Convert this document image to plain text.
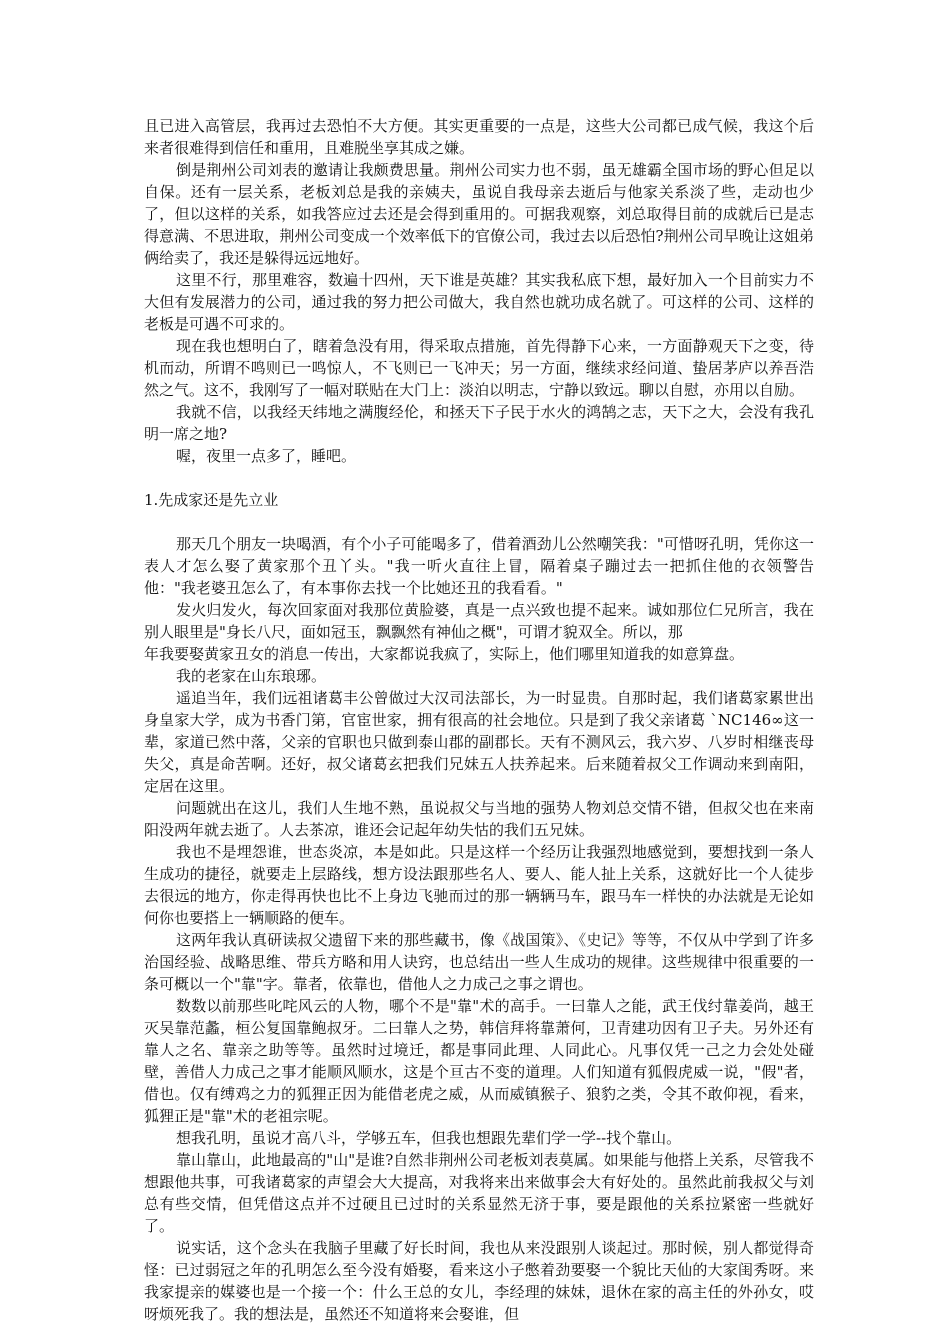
且已进入高管层，我再过去恐怕不大方便。其实更重要的一点是，这些大公司都已成气候，我这个后来者很难得到信任和重用，且难脱坐享其成之嫌。

倒是荆州公司刘表的邀请让我颇费思量。荆州公司实力也不弱，虽无雄霸全国市场的野心但足以自保。还有一层关系，老板刘总是我的亲姨夫，虽说自我母亲去逝后与他家关系淡了些，走动也少了，但以这样的关系，如我答应过去还是会得到重用的。可据我观察，刘总取得目前的成就后已是志得意满、不思进取，荆州公司变成一个效率低下的官僚公司，我过去以后恐怕?荆州公司早晚让这姐弟俩给卖了，我还是躲得远远地好。

这里不行，那里难容，数遍十四州，天下谁是英雄？其实我私底下想，最好加入一个目前实力不大但有发展潜力的公司，通过我的努力把公司做大，我自然也就功成名就了。可这样的公司、这样的老板是可遇不可求的。

现在我也想明白了，瞎着急没有用，得采取点措施，首先得静下心来，一方面静观天下之变，待机而动，所谓不鸣则已一鸣惊人，不飞则已一飞冲天；另一方面，继续求经问道、蛰居茅庐以养吾浩然之气。这不，我刚写了一幅对联贴在大门上：淡泊以明志，宁静以致远。聊以自慰，亦用以自励。

我就不信，以我经天纬地之满腹经伦，和拯天下子民于水火的鸿鹄之志，天下之大，会没有我孔明一席之地?

喔，夜里一点多了，睡吧。

1.先成家还是先立业

那天几个朋友一块喝酒，有个小子可能喝多了，借着酒劲儿公然嘲笑我："可惜呀孔明，凭你这一表人才怎么娶了黄家那个丑丫头。"我一听火直往上冒，隔着桌子蹦过去一把抓住他的衣领警告他："我老婆丑怎么了，有本事你去找一个比她还丑的我看看。"

发火归发火，每次回家面对我那位黄脸婆，真是一点兴致也提不起来。诚如那位仁兄所言，我在别人眼里是"身长八尺，面如冠玉，飘飘然有神仙之概"，可谓才貌双全。所以，那

年我要娶黄家丑女的消息一传出，大家都说我疯了，实际上，他们哪里知道我的如意算盘。

我的老家在山东琅琊。

遥追当年，我们远祖诸葛丰公曾做过大汉司法部长，为一时显贵。自那时起，我们诸葛家累世出身皇家大学，成为书香门第，官宦世家，拥有很高的社会地位。只是到了我父亲诸葛 `NC146∞这一辈，家道已然中落，父亲的官职也只做到泰山郡的副郡长。天有不测风云，我六岁、八岁时相继丧母失父，真是命苦啊。还好，叔父诸葛玄把我们兄妹五人扶养起来。后来随着叔父工作调动来到南阳，定居在这里。

问题就出在这儿，我们人生地不熟，虽说叔父与当地的强势人物刘总交情不错，但叔父也在来南阳没两年就去逝了。人去茶凉，谁还会记起年幼失怙的我们五兄妹。

我也不是埋怨谁，世态炎凉，本是如此。只是这样一个经历让我强烈地感觉到，要想找到一条人生成功的捷径，就要走上层路线，想方设法跟那些名人、要人、能人扯上关系，这就好比一个人徒步去很远的地方，你走得再快也比不上身边飞驰而过的那一辆辆马车，跟马车一样快的办法就是无论如何你也要搭上一辆顺路的便车。

这两年我认真研读叔父遗留下来的那些藏书，像《战国策》、《史记》等等，不仅从中学到了许多治国经验、战略思维、带兵方略和用人诀窍，也总结出一些人生成功的规律。这些规律中很重要的一条可概以一个"靠"字。靠者，依靠也，借他人之力成己之事之谓也。

数数以前那些叱咤风云的人物，哪个不是"靠"术的高手。一曰靠人之能，武王伐纣靠姜尚，越王灭吴靠范蠡，桓公复国靠鲍叔牙。二曰靠人之势，韩信拜将靠萧何，卫青建功因有卫子夫。另外还有靠人之名、靠亲之助等等。虽然时过境迁，都是事同此理、人同此心。凡事仅凭一己之力会处处碰壁，善借人力成己之事才能顺风顺水，这是个亘古不变的道理。人们知道有狐假虎威一说，"假"者，借也。仅有缚鸡之力的狐狸正因为能借老虎之威，从而威镇猴子、狼豹之类，令其不敢仰视，看来，狐狸正是"靠"术的老祖宗呢。

想我孔明，虽说才高八斗，学够五车，但我也想跟先辈们学一学--找个靠山。

靠山靠山，此地最高的"山"是谁?自然非荆州公司老板刘表莫属。如果能与他搭上关系，尽管我不想跟他共事，可我诸葛家的声望会大大提高，对我将来出来做事会大有好处的。虽然此前我叔父与刘总有些交情，但凭借这点并不过硬且已过时的关系显然无济于事，要是跟他的关系拉紧密一些就好了。

说实话，这个念头在我脑子里藏了好长时间，我也从来没跟别人谈起过。那时候，别人都觉得奇怪：已过弱冠之年的孔明怎么至今没有婚娶，看来这小子憋着劲要娶一个貌比天仙的大家闺秀呀。来我家提亲的媒婆也是一个接一个：什么王总的女儿，李经理的妹妹，退休在家的高主任的外孙女，哎呀烦死我了。我的想法是，虽然还不知道将来会娶谁，但
